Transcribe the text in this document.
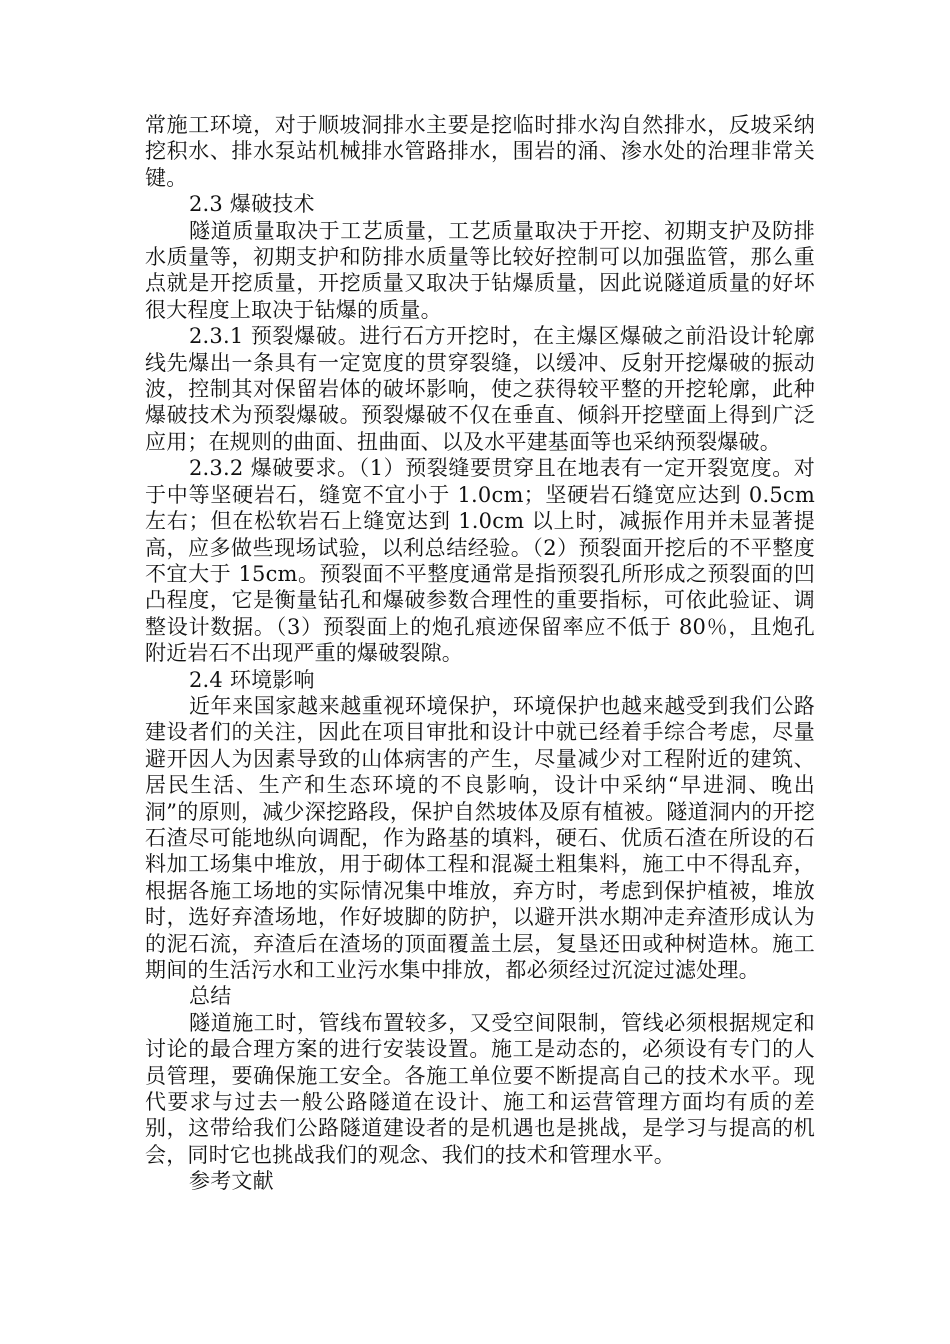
常施工环境，对于顺坡洞排水主要是挖临时排水沟自然排水，反坡采纳挖积水、排水泵站机械排水管路排水，围岩的涌、渗水处的治理非常关键。

2.3 爆破技术

隧道质量取决于工艺质量，工艺质量取决于开挖、初期支护及防排水质量等，初期支护和防排水质量等比较好控制可以加强监管，那么重点就是开挖质量，开挖质量又取决于钻爆质量，因此说隧道质量的好坏很大程度上取决于钻爆的质量。

2.3.1 预裂爆破。进行石方开挖时，在主爆区爆破之前沿设计轮廓线先爆出一条具有一定宽度的贯穿裂缝，以缓冲、反射开挖爆破的振动波，控制其对保留岩体的破坏影响，使之获得较平整的开挖轮廓，此种爆破技术为预裂爆破。预裂爆破不仅在垂直、倾斜开挖壁面上得到广泛应用；在规则的曲面、扭曲面、以及水平建基面等也采纳预裂爆破。

2.3.2 爆破要求。（1）预裂缝要贯穿且在地表有一定开裂宽度。对于中等坚硬岩石，缝宽不宜小于 1.0cm；坚硬岩石缝宽应达到 0.5cm 左右；但在松软岩石上缝宽达到 1.0cm 以上时，减振作用并未显著提高，应多做些现场试验，以利总结经验。（2）预裂面开挖后的不平整度不宜大于 15cm。预裂面不平整度通常是指预裂孔所形成之预裂面的凹凸程度，它是衡量钻孔和爆破参数合理性的重要指标，可依此验证、调整设计数据。（3）预裂面上的炮孔痕迹保留率应不低于 80％，且炮孔附近岩石不出现严重的爆破裂隙。

2.4 环境影响

近年来国家越来越重视环境保护，环境保护也越来越受到我们公路建设者们的关注，因此在项目审批和设计中就已经着手综合考虑，尽量避开因人为因素导致的山体病害的产生，尽量减少对工程附近的建筑、居民生活、生产和生态环境的不良影响，设计中采纳“早进洞、晚出洞”的原则，减少深挖路段，保护自然坡体及原有植被。隧道洞内的开挖石渣尽可能地纵向调配，作为路基的填料，硬石、优质石渣在所设的石料加工场集中堆放，用于砌体工程和混凝土粗集料，施工中不得乱弃，根据各施工场地的实际情况集中堆放，弃方时，考虑到保护植被，堆放时，选好弃渣场地，作好坡脚的防护，以避开洪水期冲走弃渣形成认为的泥石流，弃渣后在渣场的顶面覆盖土层，复垦还田或种树造林。施工期间的生活污水和工业污水集中排放，都必须经过沉淀过滤处理。

总结

隧道施工时，管线布置较多，又受空间限制，管线必须根据规定和讨论的最合理方案的进行安装设置。施工是动态的，必须设有专门的人员管理，要确保施工安全。各施工单位要不断提高自己的技术水平。现代要求与过去一般公路隧道在设计、施工和运营管理方面均有质的差别，这带给我们公路隧道建设者的是机遇也是挑战，是学习与提高的机会，同时它也挑战我们的观念、我们的技术和管理水平。

参考文献
